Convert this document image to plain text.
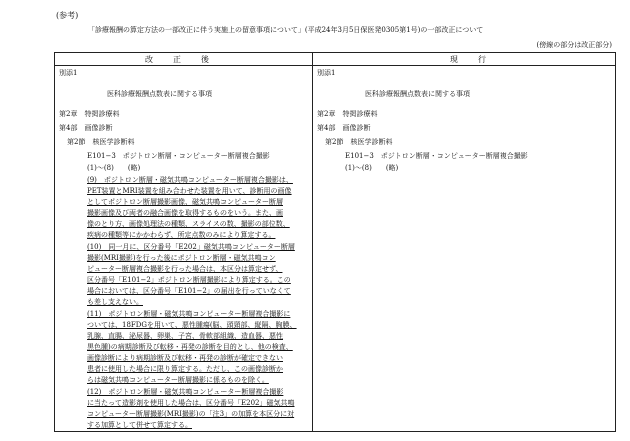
(参考)
「診療報酬の算定方法の一部改正に伴う実施上の留意事項について」(平成24年3月5日保医発0305第1号)の一部改正について
(傍線の部分は改正部分)
改正後	現行
別添1
医科診療報酬点数表に関する事項
第2章　特掲診療料
第4部　画像診断
第2節　核医学診断料
E101−3　ポジトロン断層・コンピューター断層複合撮影
(1)〜(8)　　(略)
(9)　ポジトロン断層・磁気共鳴コンピューター断層複合撮影は、
PET装置とMRI装置を組み合わせた装置を用いて、診断用の画像
としてポジトロン断層撮影画像、磁気共鳴コンピューター断層
撮影画像及び両者の融合画像を取得するものをいう。また、画
像のとり方、画像処理法の種類、スライスの数、撮影の部位数、
疾病の種類等にかかわらず、所定点数のみにより算定する。
(10)　同一月に、区分番号「E202」磁気共鳴コンピューター断層
撮影(MRI撮影)を行った後にポジトロン断層・磁気共鳴コン
ピューター断層複合撮影を行った場合は、本区分は算定せず、
区分番号「E101−2」ポジトロン断層撮影により算定する。この
場合においては、区分番号「E101−2」の届出を行っていなくて
も差し支えない。
(11)　ポジトロン断層・磁気共鳴コンピューター断層複合撮影に
ついては、18FDGを用いて、悪性腫瘍(脳、頭頸部、縦隔、胸膜、
乳腺、直腸、泌尿器、卵巣、子宮、骨軟部組織、造血器、悪性
黒色腫)の病期診断及び転移・再発の診断を目的とし、他の検査、
画像診断により病期診断及び転移・再発の診断が確定できない
患者に使用した場合に限り算定する。ただし、この画像診断か
らは磁気共鳴コンピューター断層撮影に係るものを除く。
(12)　ポジトロン断層・磁気共鳴コンピューター断層複合撮影
に当たって造影剤を使用した場合は、区分番号「E202」磁気共鳴
コンピューター断層撮影(MRI撮影)の「注3」の加算を本区分に対
する加算として併せて算定する。
別添1
医科診療報酬点数表に関する事項
第2章　特掲診療料
第4部　画像診断
第2節　核医学診断料
E101−3　ポジトロン断層・コンピューター断層複合撮影
(1)〜(8)　　(略)
